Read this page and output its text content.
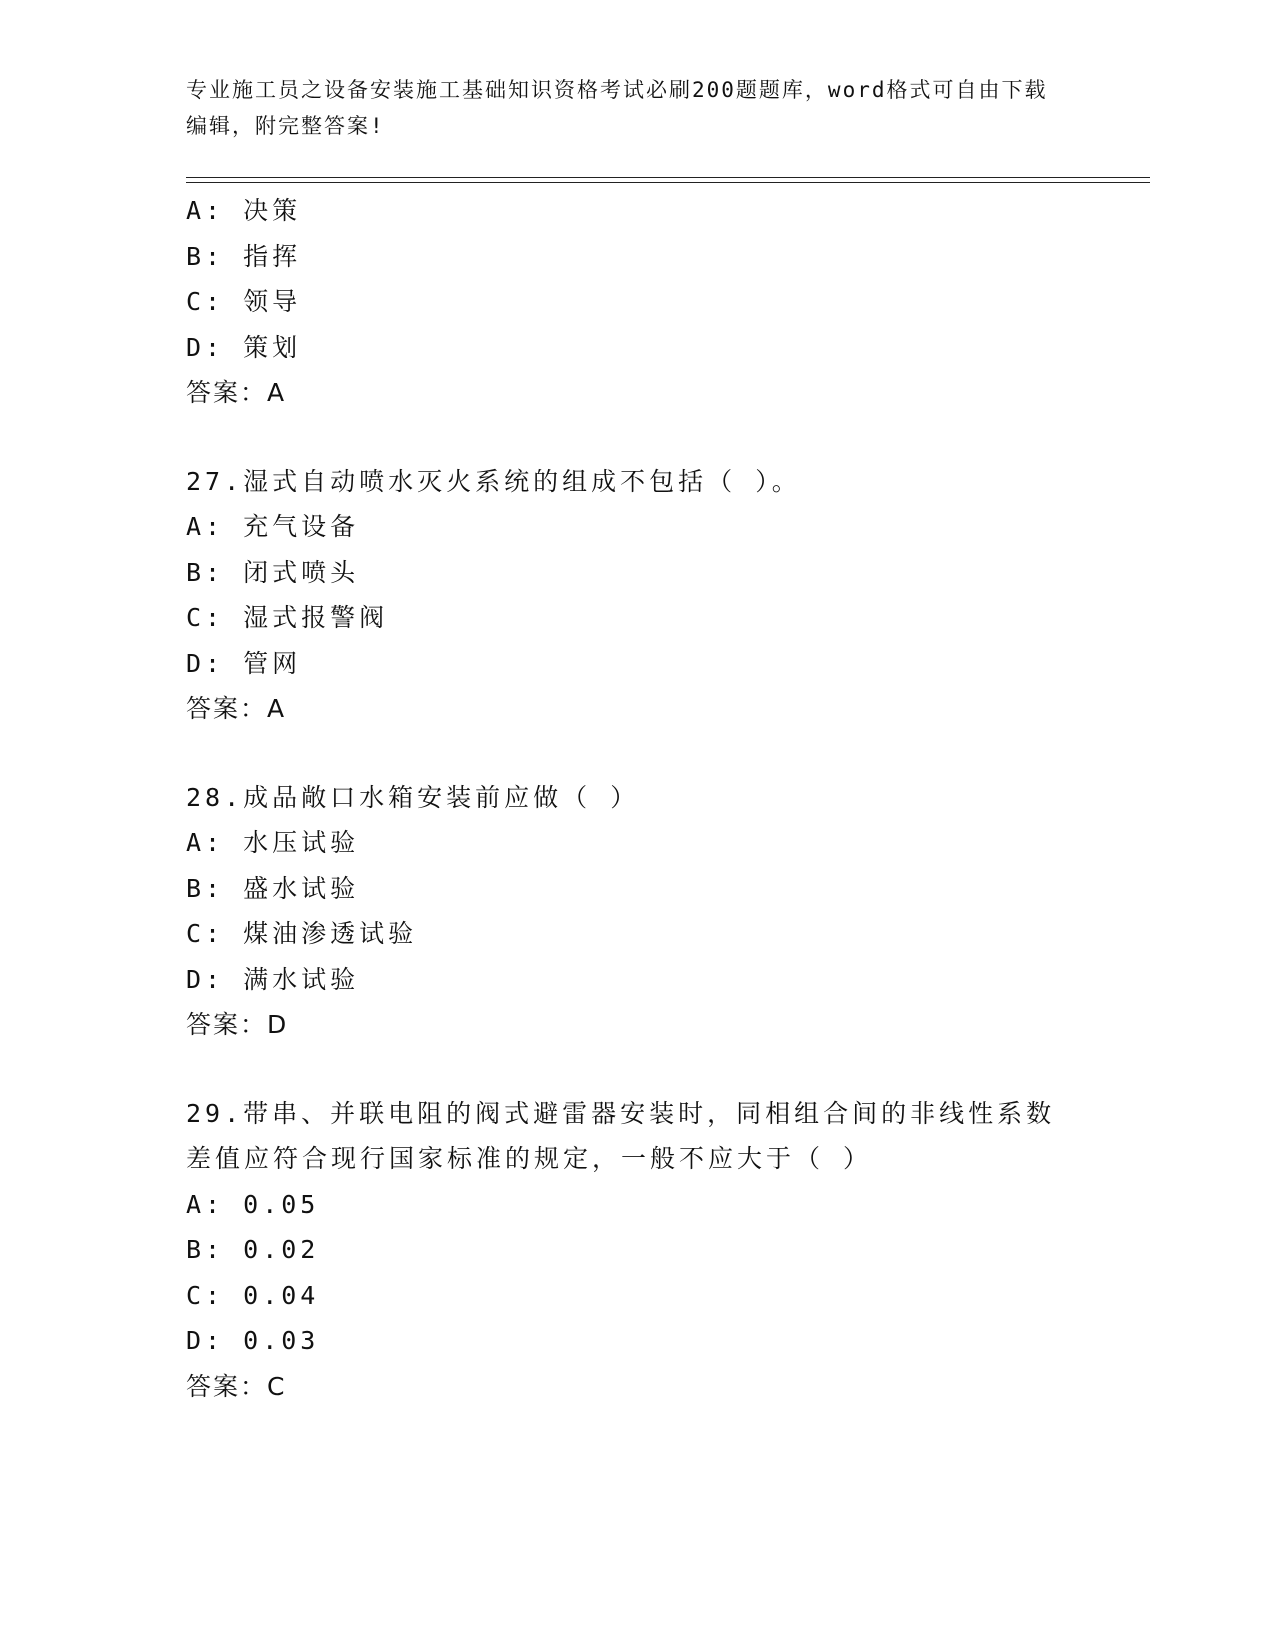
专业施工员之设备安装施工基础知识资格考试必刷200题题库，word格式可自由下载编辑，附完整答案!

A: 决策
B: 指挥
C: 领导
D: 策划
答案：A
27.湿式自动喷水灭火系统的组成不包括（ ）。
A: 充气设备
B: 闭式喷头
C: 湿式报警阀
D: 管网
答案：A
28.成品敞口水箱安装前应做（ ）
A: 水压试验
B: 盛水试验
C: 煤油渗透试验
D: 满水试验
答案：D
29.带串、并联电阻的阀式避雷器安装时，同相组合间的非线性系数差值应符合现行国家标准的规定，一般不应大于（ ）
A: 0.05
B: 0.02
C: 0.04
D: 0.03
答案：C
